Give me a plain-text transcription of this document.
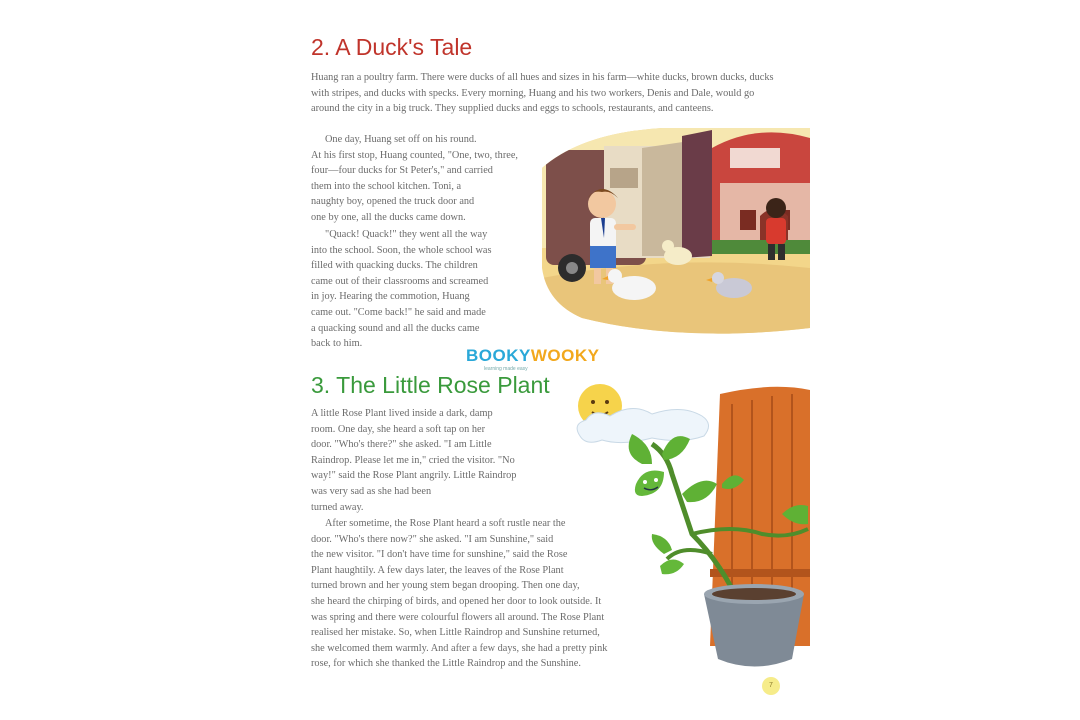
2. A Duck's Tale

Huang ran a poultry farm. There were ducks of all hues and sizes in his farm—white ducks, brown ducks, ducks with stripes, and ducks with specks. Every morning, Huang and his two workers, Denis and Dale, would go around the city in a big truck. They supplied ducks and eggs to schools, restaurants, and canteens.

One day, Huang set off on his round.
At his first stop, Huang counted, "One, two, three,
four—four ducks for St Peter's," and carried
them into the school kitchen. Toni, a
naughty boy, opened the truck door and
one by one, all the ducks came down.
"Quack! Quack!" they went all the way
into the school. Soon, the whole school was
filled with quacking ducks. The children
came out of their classrooms and screamed
in joy. Hearing the commotion, Huang
came out. "Come back!" he said and made
a quacking sound and all the ducks came
back to him.
BOOKYWOOKY
learning made easy
3. The Little Rose Plant
A little Rose Plant lived inside a dark, damp
room. One day, she heard a soft tap on her
door. "Who's there?" she asked. "I am Little
Raindrop. Please let me in," cried the visitor. "No
way!" said the Rose Plant angrily. Little Raindrop
was very sad as she had been
turned away.
After sometime, the Rose Plant heard a soft rustle near the
door. "Who's there now?" she asked. "I am Sunshine," said
the new visitor. "I don't have time for sunshine," said the Rose
Plant haughtily. A few days later, the leaves of the Rose Plant
turned brown and her young stem began drooping. Then one day,
she heard the chirping of birds, and opened her door to look outside. It
was spring and there were colourful flowers all around. The Rose Plant
realised her mistake. So, when Little Raindrop and Sunshine returned,
she welcomed them warmly. And after a few days, she had a pretty pink
rose, for which she thanked the Little Raindrop and the Sunshine.
7
